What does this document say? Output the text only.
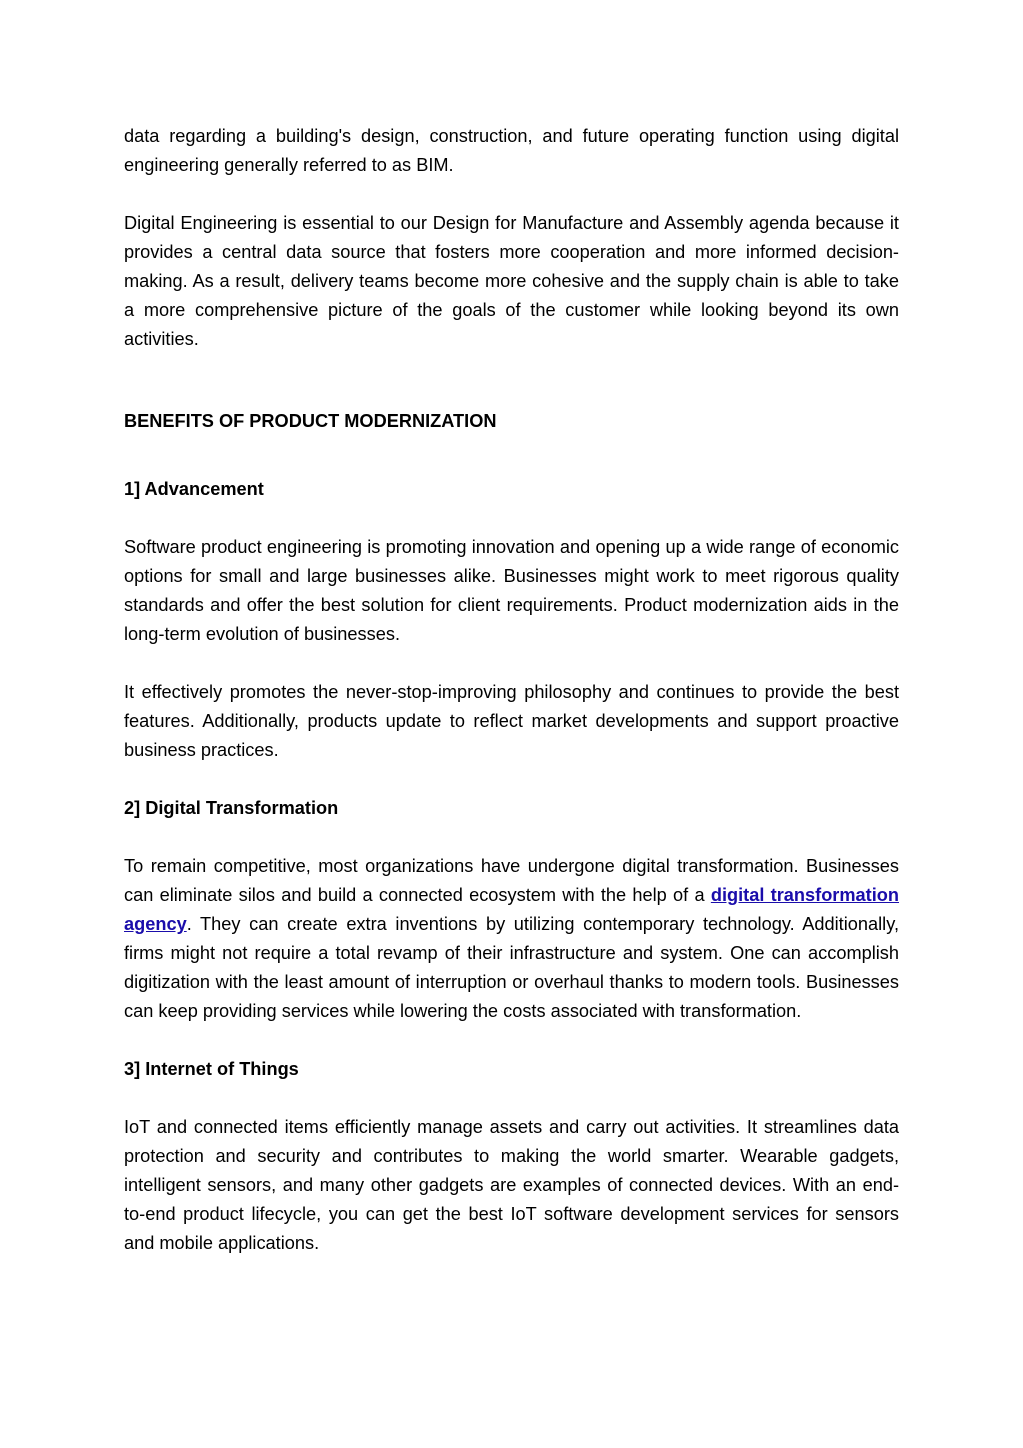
data regarding a building's design, construction, and future operating function using digital engineering generally referred to as BIM.

Digital Engineering is essential to our Design for Manufacture and Assembly agenda because it provides a central data source that fosters more cooperation and more informed decision-making. As a result, delivery teams become more cohesive and the supply chain is able to take a more comprehensive picture of the goals of the customer while looking beyond its own activities.

BENEFITS OF PRODUCT MODERNIZATION

1] Advancement

Software product engineering is promoting innovation and opening up a wide range of economic options for small and large businesses alike. Businesses might work to meet rigorous quality standards and offer the best solution for client requirements. Product modernization aids in the long-term evolution of businesses.

It effectively promotes the never-stop-improving philosophy and continues to provide the best features. Additionally, products update to reflect market developments and support proactive business practices.

2] Digital Transformation

To remain competitive, most organizations have undergone digital transformation. Businesses can eliminate silos and build a connected ecosystem with the help of a digital transformation agency. They can create extra inventions by utilizing contemporary technology. Additionally, firms might not require a total revamp of their infrastructure and system. One can accomplish digitization with the least amount of interruption or overhaul thanks to modern tools. Businesses can keep providing services while lowering the costs associated with transformation.

3] Internet of Things

IoT and connected items efficiently manage assets and carry out activities. It streamlines data protection and security and contributes to making the world smarter. Wearable gadgets, intelligent sensors, and many other gadgets are examples of connected devices. With an end-to-end product lifecycle, you can get the best IoT software development services for sensors and mobile applications.
